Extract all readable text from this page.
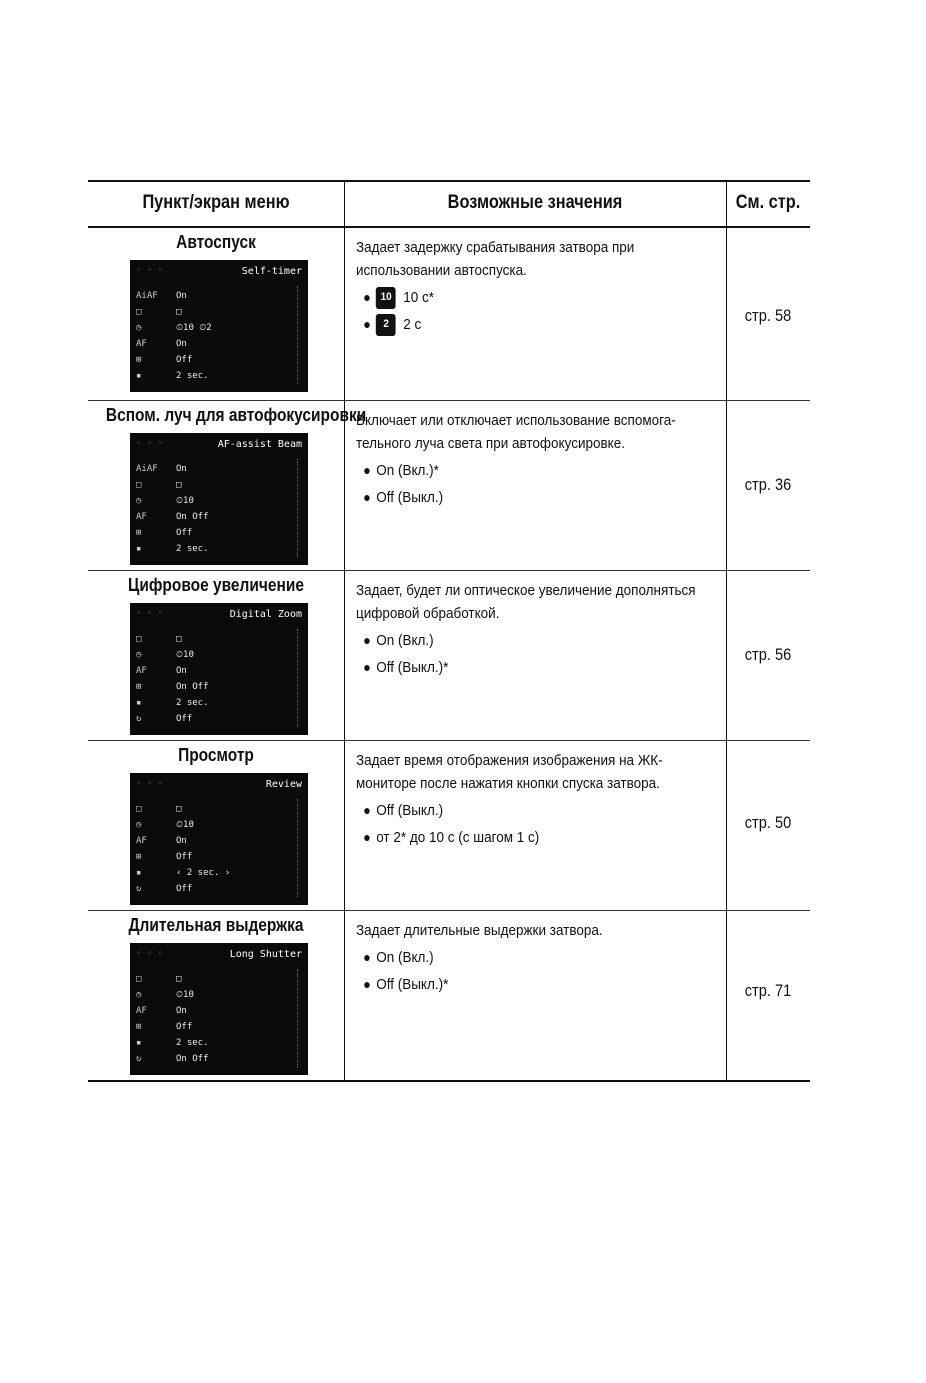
Пункт/экран меню	Возможные значения	См. стр.
Автоспуск
◦ ◦ ◦	Self-timer
AiAF	On
□	□
◷	⏲10 ⏲2
AF	On
⊞	Off
▪	2 sec.
Задает задержку срабатывания затвора при использовании автоспуска.
● 10 10 с*
●	2 2 с	стр. 58
Вспом. луч для автофокусировки
◦ ◦ ◦	AF-assist Beam
AiAF	On
□	□
◷	⏲10
AF	On Off
⊞	Off
▪	2 sec.
Включает или отключает использование вспомога-тельного луча света при автофокусировке.
● On (Вкл.)*
● Off (Выкл.)
стр. 36
Цифровое увеличение
◦ ◦ ◦	Digital Zoom
□	□
◷	⏲10
AF	On
⊞	On Off
▪	2 sec.
↻	Off
Задает, будет ли оптическое увеличение дополняться цифровой обработкой.
● On (Вкл.)
● Off (Выкл.)*
стр. 56
Просмотр
◦ ◦ ◦	Review
□	□
◷	⏲10
AF	On
⊞	Off
▪	‹ 2 sec. ›
↻	Off
Задает время отображения изображения на ЖК-мониторе после нажатия кнопки спуска затвора.
● Off (Выкл.)
● от 2* до 10 с (с шагом 1 с)
стр. 50
Длительная выдержка
◦ ◦ ◦	Long Shutter
□	□
◷	⏲10
AF	On
⊞	Off
▪	2 sec.
↻	On Off
Задает длительные выдержки затвора.
● On (Вкл.)
● Off (Выкл.)*	стр. 71
